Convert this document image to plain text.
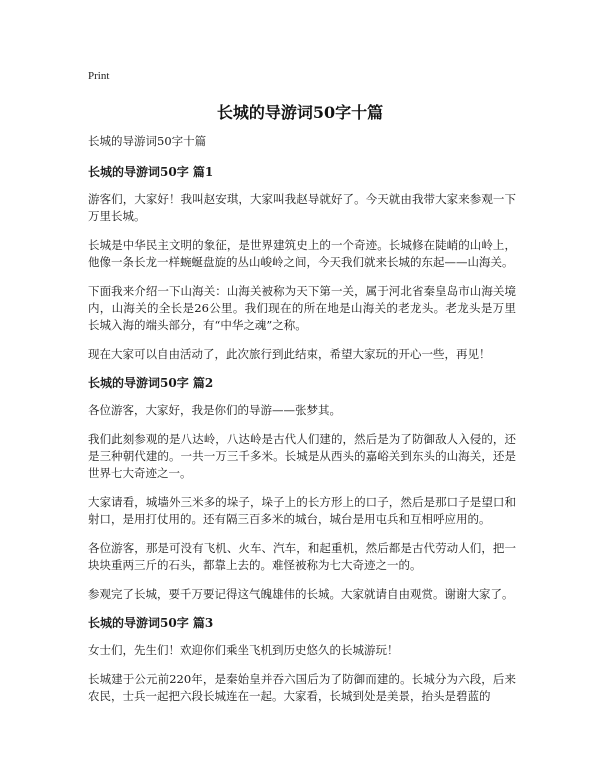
Print
长城的导游词50字十篇

长城的导游词50字十篇

长城的导游词50字 篇1

游客们，大家好！我叫赵安琪，大家叫我赵导就好了。今天就由我带大家来参观一下万里长城。

长城是中华民主文明的象征，是世界建筑史上的一个奇迹。长城修在陡峭的山岭上，他像一条长龙一样蜿蜒盘旋的丛山峻岭之间，今天我们就来长城的东起——山海关。

下面我来介绍一下山海关：山海关被称为天下第一关，属于河北省秦皇岛市山海关境内，山海关的全长是26公里。我们现在的所在地是山海关的老龙头。老龙头是万里长城入海的端头部分，有“中华之魂”之称。

现在大家可以自由活动了，此次旅行到此结束，希望大家玩的开心一些，再见！

长城的导游词50字 篇2

各位游客，大家好，我是你们的导游——张梦其。

我们此刻参观的是八达岭，八达岭是古代人们建的，然后是为了防御敌人入侵的，还是三种朝代建的。一共一万三千多米。长城是从西头的嘉峪关到东头的山海关，还是世界七大奇迹之一。

大家请看，城墙外三米多的垛子，垛子上的长方形上的口子，然后是那口子是望口和射口，是用打仗用的。还有隔三百多米的城台，城台是用屯兵和互相呼应用的。

各位游客，那是可没有飞机、火车、汽车，和起重机，然后都是古代劳动人们，把一块块重两三斤的石头，都靠上去的。难怪被称为七大奇迹之一的。

参观完了长城，要千万要记得这气魄雄伟的长城。大家就请自由观赏。谢谢大家了。

长城的导游词50字 篇3

女士们，先生们！欢迎你们乘坐飞机到历史悠久的长城游玩！

长城建于公元前220年，是秦始皇并吞六国后为了防御而建的。长城分为六段，后来农民，士兵一起把六段长城连在一起。大家看，长城到处是美景，抬头是碧蓝的
